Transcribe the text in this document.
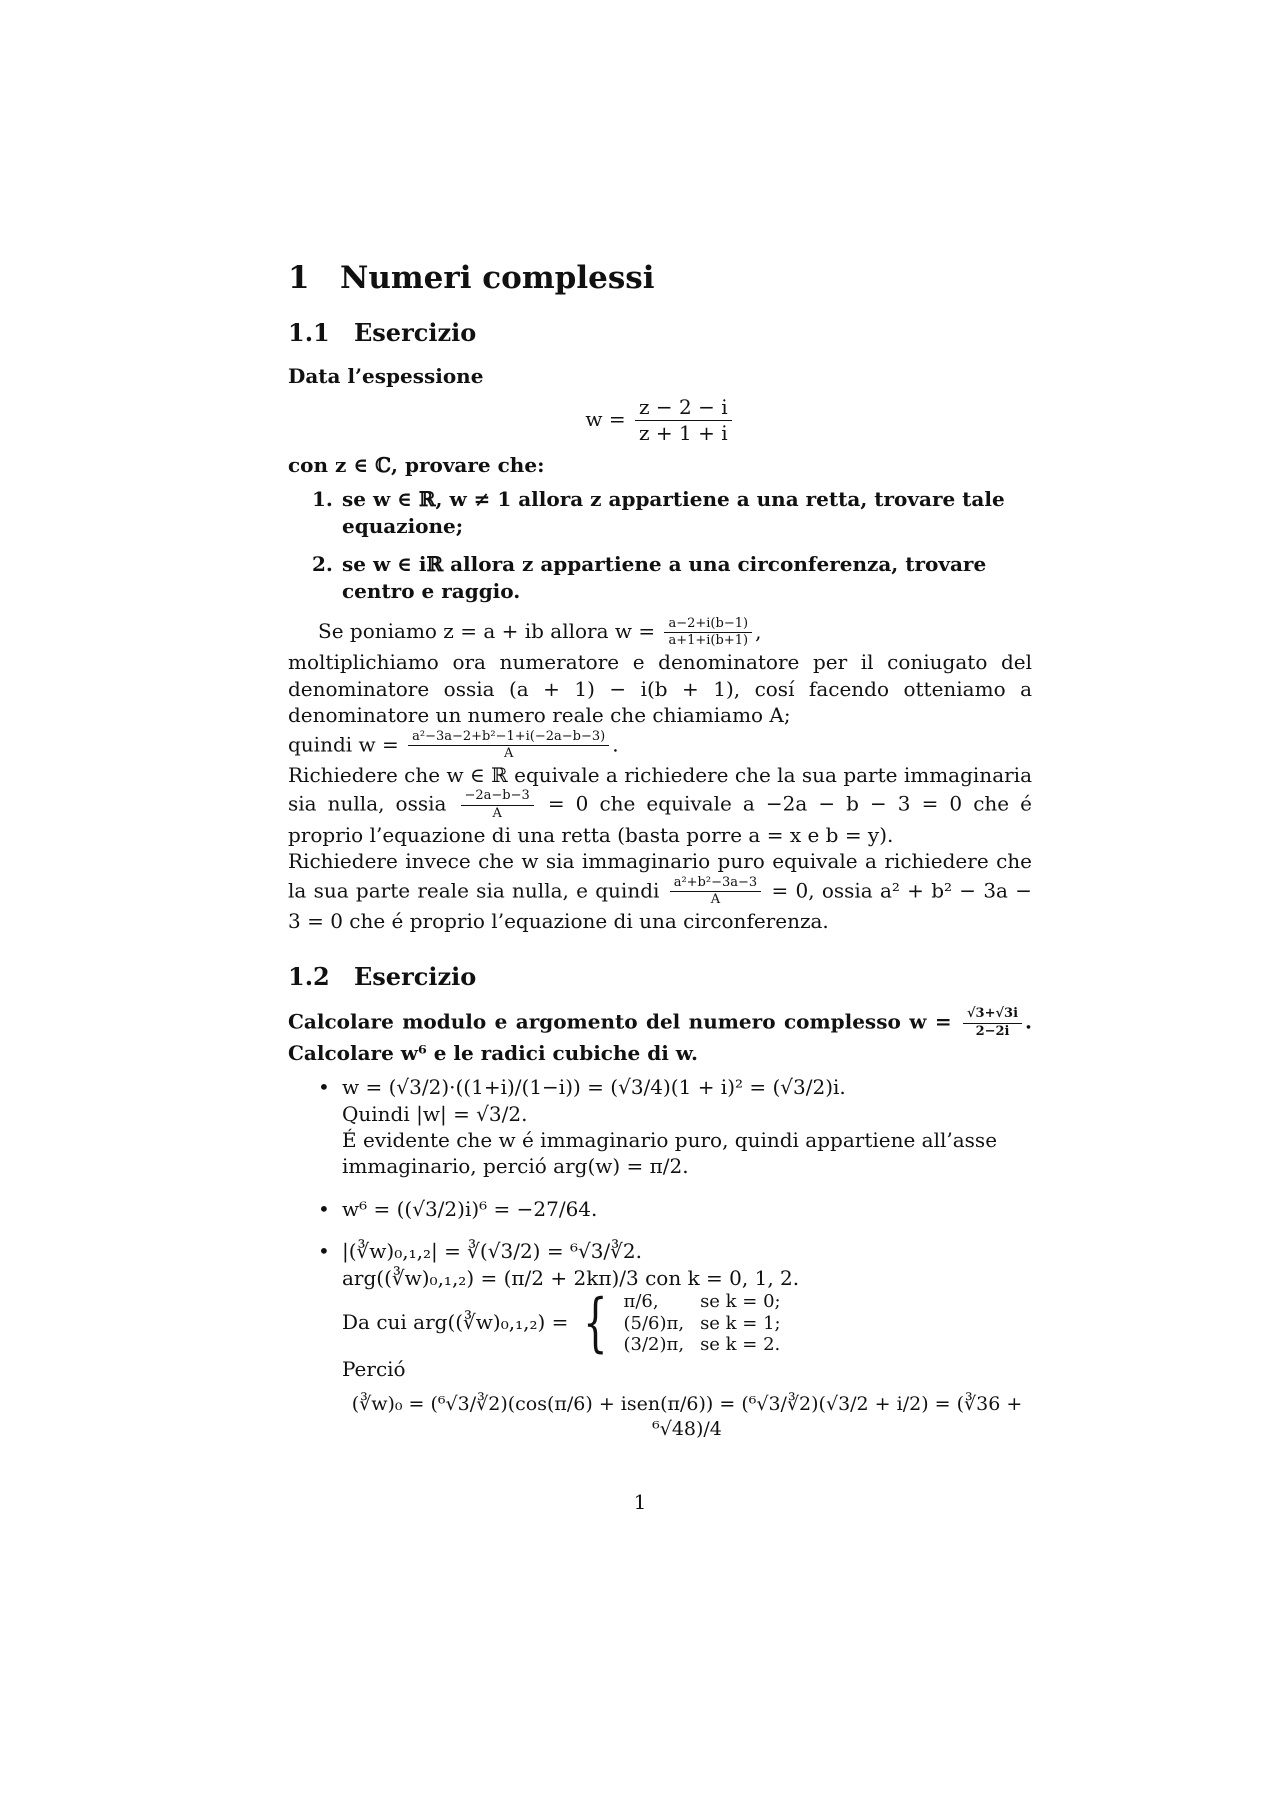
1 Numeri complessi
1.1 Esercizio
Data l’espessione
$w = \frac{z - 2 - i}{z + 1 + i}$
con z ∈ ℂ, provare che:
1. se w ∈ ℝ, w ≠ 1 allora z appartiene a una retta, trovare tale equazione;
2. se w ∈ iℝ allora z appartiene a una circonferenza, trovare centro e raggio.

Se poniamo z = a + ib allora $w = \frac{a-2+i(b-1)}{a+1+i(b+1)}$ ,
moltiplichiamo ora numeratore e denominatore per il coniugato del denominatore ossia (a + 1) − i(b + 1), cosí facendo otteniamo a denominatore un numero reale che chiamiamo A;
quindi $w = \frac{\text{a²−3a−2+b²−1+i(−2a−b−3)}}{A}$ .
Richiedere che w ∈ ℝ equivale a richiedere che la sua parte immaginaria sia nulla, ossia $\frac{-2a-b-3}{A} = 0$ che equivale a −2a − b − 3 = 0 che é proprio l’equazione di una retta (basta porre a = x e b = y).
Richiedere invece che w sia immaginario puro equivale a richiedere che la sua parte reale sia nulla, e quindi $\frac{\text{a²+b²−3a−3}}{A} = 0$, ossia a² + b² − 3a − 3 = 0 che é proprio l’equazione di una circonferenza.

1.2 Esercizio

Calcolare modulo e argomento del numero complesso $w = \frac{√3+√3i}{2-2i}$ . Calcolare w⁶ e le radici cubiche di w.

• w = (√3/2)·((1+i)/(1−i)) = (√3/4)(1 + i)² = (√3/2)i.
Quindi |w| = √3/2.
É evidente che w é immaginario puro, quindi appartiene all’asse immaginario, perció arg(w) = π/2.
• w⁶ = ((√3/2)i)⁶ = −27/64.
• |(∛w)₀,₁,₂| = ∛(√3/2) = ⁶√3/∛2.
arg((∛w)₀,₁,₂) = (π/2 + 2kπ)/3 con k = 0, 1, 2.
Da cui arg((∛w)₀,₁,₂) = { π/6,	se k = 0;
(5/6)π,	se k = 1;
(3/2)π,	se k = 2.

Perció
(∛w)₀ = (⁶√3/∛2)(cos(π/6) + isen(π/6)) = (⁶√3/∛2)(√3/2 + i/2) = (∛36 + ⁶√48)/4
1
